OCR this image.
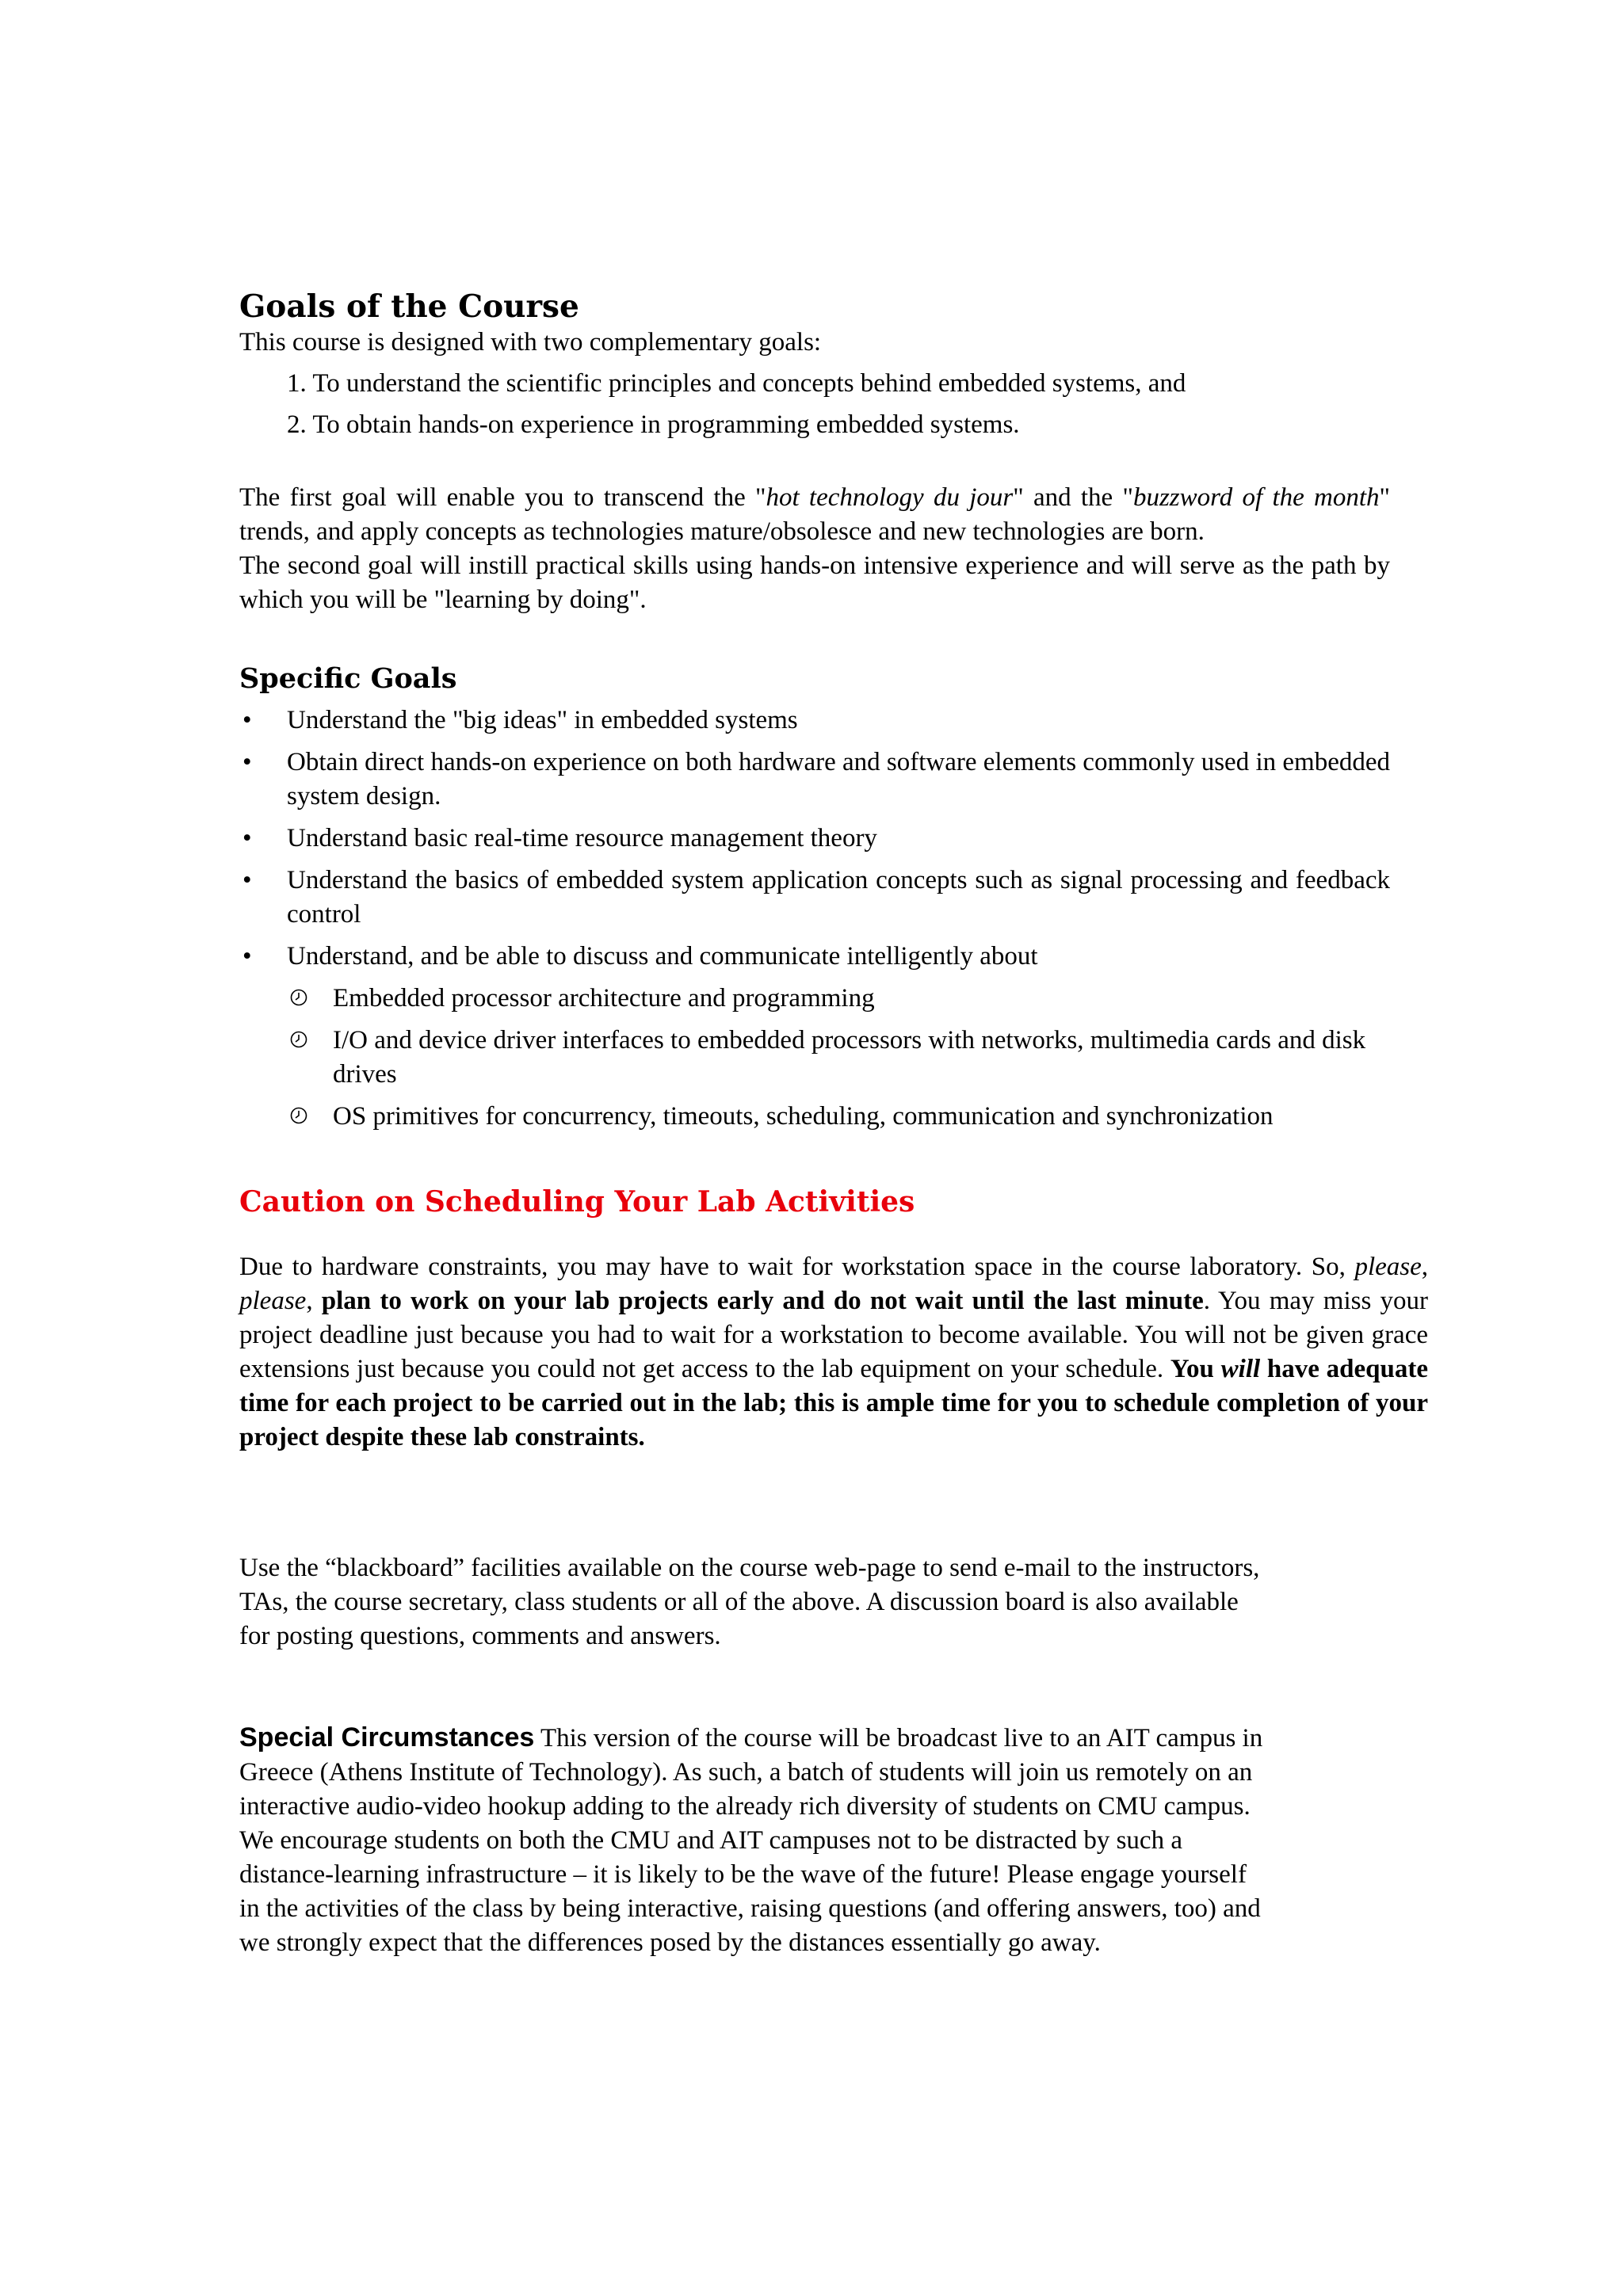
Goals of the Course

This course is designed with two complementary goals:

1. To understand the scientific principles and concepts behind embedded systems, and
2. To obtain hands-on experience in programming embedded systems.

The first goal will enable you to transcend the "hot technology du jour" and the "buzzword of the month" trends, and apply concepts as technologies mature/obsolesce and new technologies are born.

The second goal will instill practical skills using hands-on intensive experience and will serve as the path by which you will be "learning by doing".

Specific Goals
• Understand the "big ideas" in embedded systems
• Obtain direct hands-on experience on both hardware and software elements commonly used in embedded system design.
• Understand basic real-time resource management theory
• Understand the basics of embedded system application concepts such as signal processing and feedback control
• Understand, and be able to discuss and communicate intelligently about
Embedded processor architecture and programming
I/O and device driver interfaces to embedded processors with networks, multimedia cards and disk drives
OS primitives for concurrency, timeouts, scheduling, communication and synchronization
Caution on Scheduling Your Lab Activities

Due to hardware constraints, you may have to wait for workstation space in the course laboratory. So, please, please, plan to work on your lab projects early and do not wait until the last minute. You may miss your project deadline just because you had to wait for a workstation to become available. You will not be given grace extensions just because you could not get access to the lab equipment on your schedule. You will have adequate time for each project to be carried out in the lab; this is ample time for you to schedule completion of your project despite these lab constraints.

Use the “blackboard” facilities available on the course web-page to send e-mail to the instructors,
TAs, the course secretary, class students or all of the above. A discussion board is also available
for posting questions, comments and answers.

Special Circumstances This version of the course will be broadcast live to an AIT campus in
Greece (Athens Institute of Technology). As such, a batch of students will join us remotely on an
interactive audio-video hookup adding to the already rich diversity of students on CMU campus.
We encourage students on both the CMU and AIT campuses not to be distracted by such a
distance-learning infrastructure – it is likely to be the wave of the future! Please engage yourself
in the activities of the class by being interactive, raising questions (and offering answers, too) and
we strongly expect that the differences posed by the distances essentially go away.
